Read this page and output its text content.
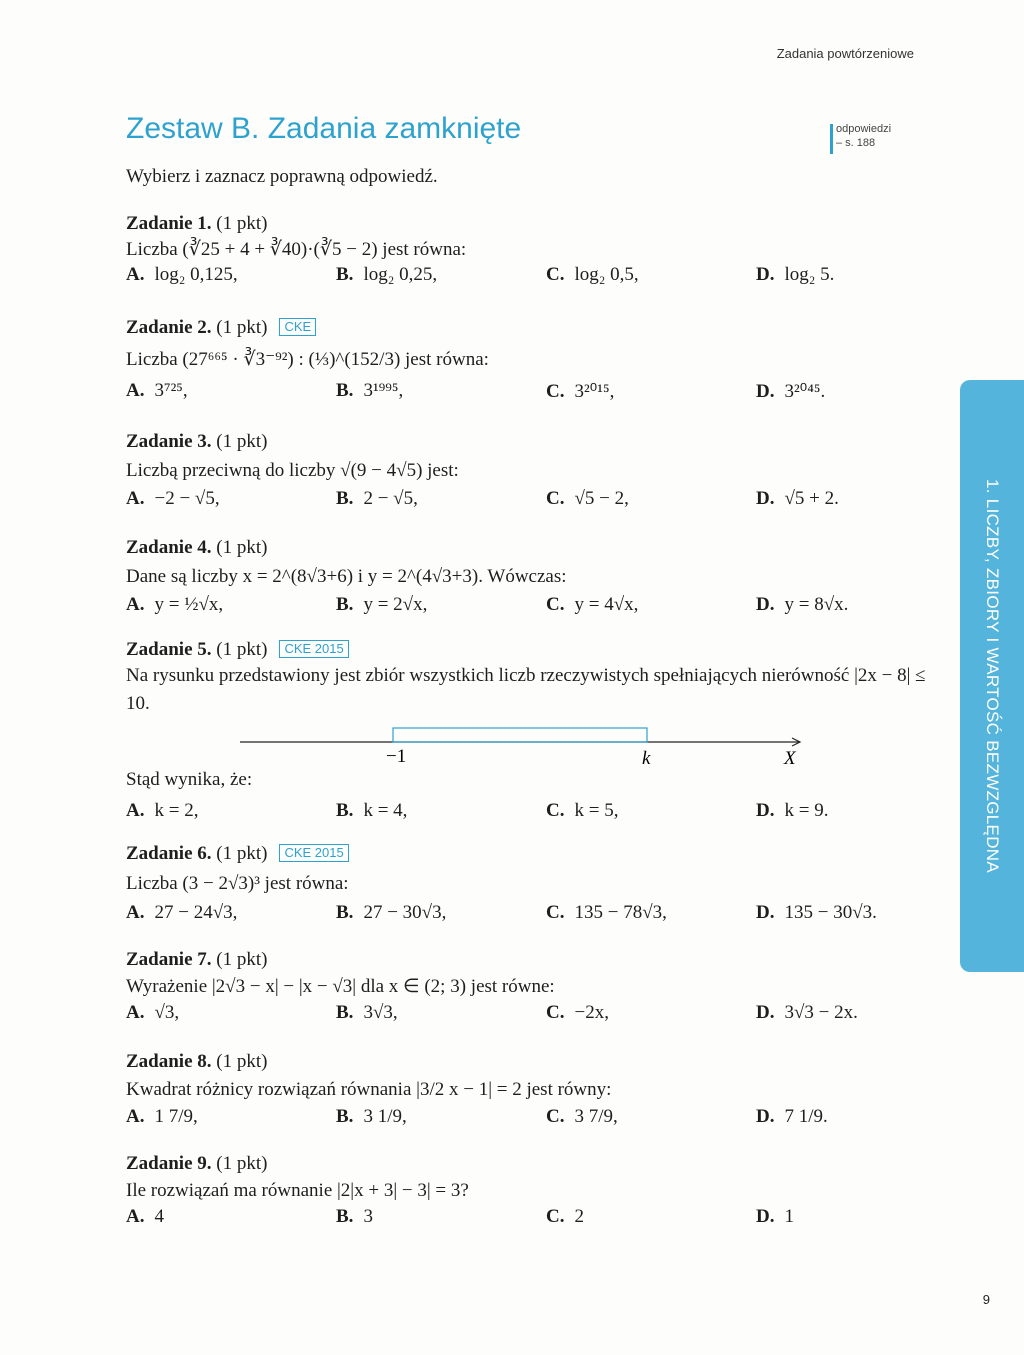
Zadania powtórzeniowe
Zestaw B. Zadania zamknięte	odpowiedzi
– s. 188
Wybierz i zaznacz poprawną odpowiedź.
Zadanie 1. (1 pkt)
Liczba (∛25 + 4 + ∛40)·(∛5 − 2) jest równa:
A. log₂ 0,125,	B. log₂ 0,25,	C. log₂ 0,5,	D. log₂ 5.
Zadanie 2. (1 pkt) CKE
Liczba (27⁶⁶⁵ · ∛3⁻⁹²) : (⅓)^(152/3) jest równa:
A. 3⁷²⁵,	B. 3¹⁹⁹⁵,	C. 3²⁰¹⁵,	D. 3²⁰⁴⁵.
Zadanie 3. (1 pkt)
Liczbą przeciwną do liczby √(9 − 4√5) jest:
A. −2 − √5,	B. 2 − √5,	C. √5 − 2,	D. √5 + 2.
Zadanie 4. (1 pkt)
Dane są liczby x = 2^(8√3+6) i y = 2^(4√3+3). Wówczas:
A. y = ½√x,	B. y = 2√x,	C. y = 4√x,	D. y = 8√x.
Zadanie 5. (1 pkt) CKE 2015
Na rysunku przedstawiony jest zbiór wszystkich liczb rzeczywistych spełniających nierówność |2x − 8| ≤ 10.
−1	k	X
Stąd wynika, że:
A. k = 2,	B. k = 4,	C. k = 5,	D. k = 9.
Zadanie 6. (1 pkt) CKE 2015
Liczba (3 − 2√3)³ jest równa:
A. 27 − 24√3,	B. 27 − 30√3,	C. 135 − 78√3,	D. 135 − 30√3.
Zadanie 7. (1 pkt)
Wyrażenie |2√3 − x| − |x − √3| dla x ∈ (2; 3) jest równe:
A. √3,	B. 3√3,	C. −2x,	D. 3√3 − 2x.
Zadanie 8. (1 pkt)
Kwadrat różnicy rozwiązań równania |3/2 x − 1| = 2 jest równy:
A. 1 7/9,	B. 3 1/9,	C. 3 7/9,	D. 7 1/9.
Zadanie 9. (1 pkt)
Ile rozwiązań ma równanie |2|x + 3| − 3| = 3?
A. 4	B. 3	C. 2	D. 1
1. LICZBY, ZBIORY I WARTOŚĆ BEZWZGLĘDNA
9
